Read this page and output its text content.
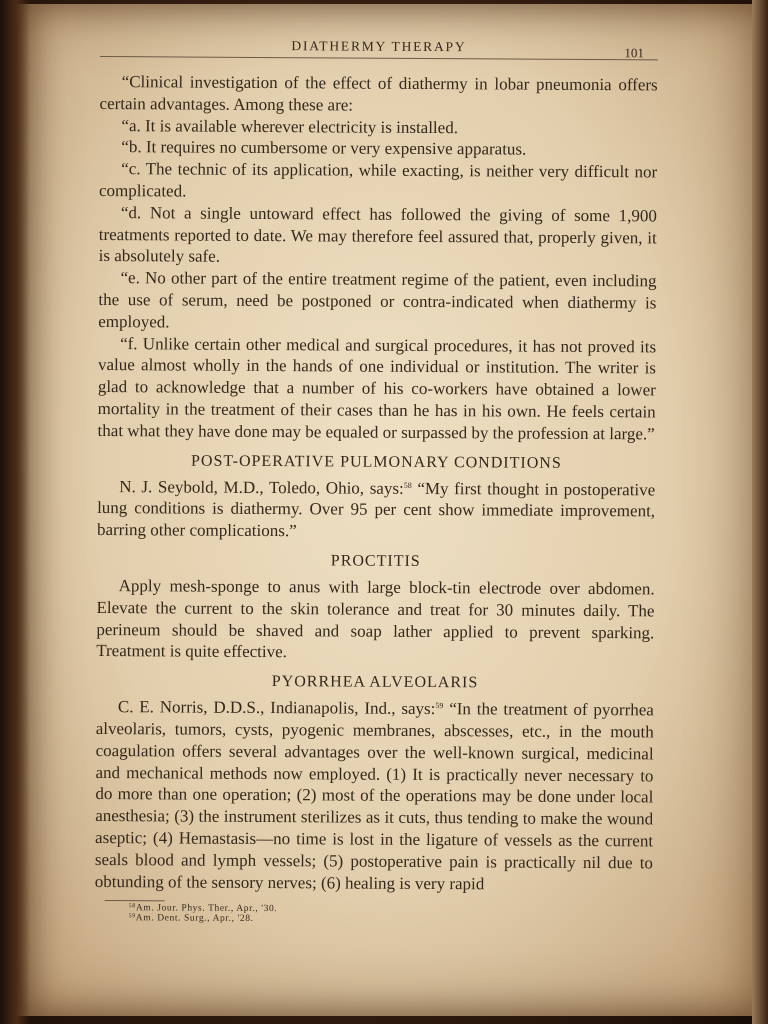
DIATHERMY THERAPY	101

“Clinical investigation of the effect of diathermy in lobar pneumonia offers certain advantages. Among these are:

“a. It is available wherever electricity is installed.

“b. It requires no cumbersome or very expensive apparatus.

“c. The technic of its application, while exacting, is neither very difficult nor complicated.

“d. Not a single untoward effect has followed the giving of some 1,900 treatments reported to date. We may therefore feel assured that, properly given, it is absolutely safe.

“e. No other part of the entire treatment regime of the patient, even including the use of serum, need be postponed or contra-indicated when diathermy is employed.

“f. Unlike certain other medical and surgical procedures, it has not proved its value almost wholly in the hands of one individual or institution. The writer is glad to acknowledge that a number of his co-workers have obtained a lower mortality in the treatment of their cases than he has in his own. He feels certain that what they have done may be equaled or surpassed by the profession at large.”

POST-OPERATIVE PULMONARY CONDITIONS

N. J. Seybold, M.D., Toledo, Ohio, says:$^{58}$ “My first thought in postoperative lung conditions is diathermy. Over 95 per cent show immediate improvement, barring other complications.”

PROCTITIS

Apply mesh-sponge to anus with large block-tin electrode over abdomen. Elevate the current to the skin tolerance and treat for 30 minutes daily. The perineum should be shaved and soap lather applied to prevent sparking. Treatment is quite effective.

PYORRHEA ALVEOLARIS

C. E. Norris, D.D.S., Indianapolis, Ind., says:$^{59}$ “In the treatment of pyorrhea alveolaris, tumors, cysts, pyogenic membranes, abscesses, etc., in the mouth coagulation offers several advantages over the well-known surgical, medicinal and mechanical methods now employed. (1) It is practically never necessary to do more than one operation; (2) most of the operations may be done under local anesthesia; (3) the instrument sterilizes as it cuts, thus tending to make the wound aseptic; (4) Hemastasis—no time is lost in the ligature of vessels as the current seals blood and lymph vessels; (5) postoperative pain is practically nil due to obtunding of the sensory nerves; (6) healing is very rapid

$^{58}$Am. Jour. Phys. Ther., Apr., '30.
$^{59}$Am. Dent. Surg., Apr., '28.
